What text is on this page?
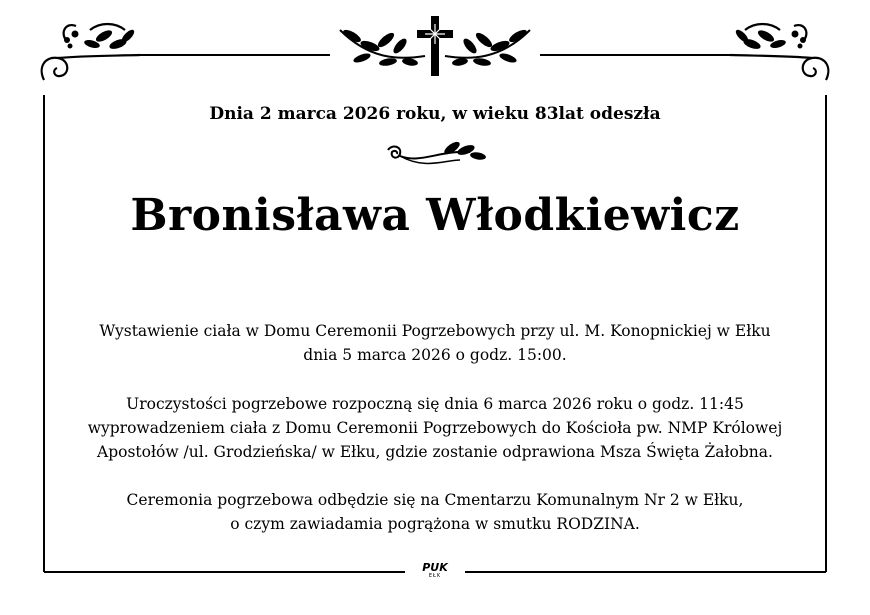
Dnia 2 marca 2026 roku, w wieku 83lat odeszła
Bronisława Włodkiewicz
Wystawienie ciała w Domu Ceremonii Pogrzebowych przy ul. M. Konopnickiej w Ełku
dnia 5 marca 2026 o godz. 15:00.
Uroczystości pogrzebowe rozpoczną się dnia 6 marca 2026 roku o godz. 11:45
wyprowadzeniem ciała z Domu Ceremonii Pogrzebowych do Kościoła pw. NMP Królowej
Apostołów /ul. Grodzieńska/ w Ełku, gdzie zostanie odprawiona Msza Święta Żałobna.
Ceremonia pogrzebowa odbędzie się na Cmentarzu Komunalnym Nr 2 w Ełku,
o czym zawiadamia pogrążona w smutku RODZINA.
PUK
EŁK
